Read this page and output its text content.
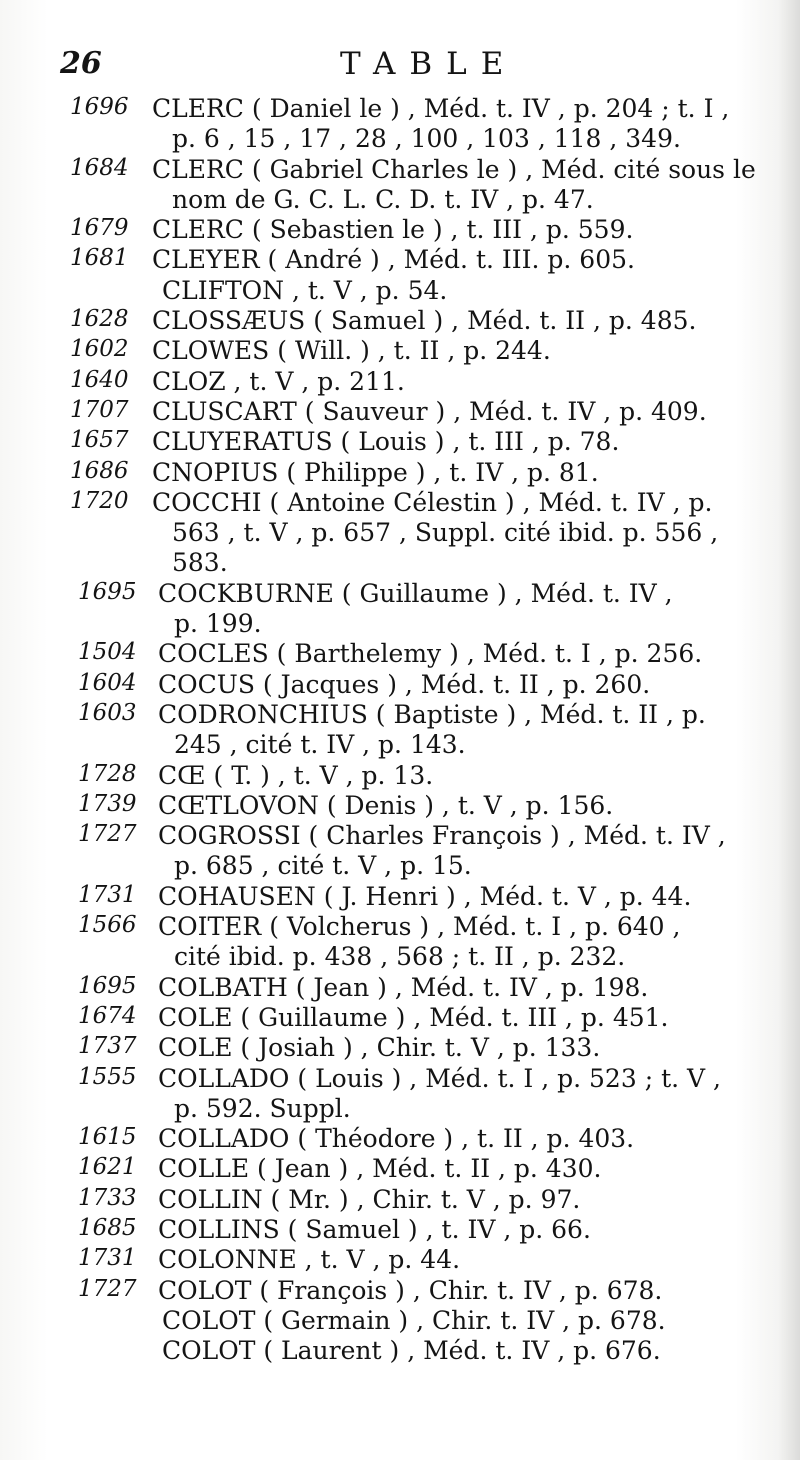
26	TABLE
1696 CLERC ( Daniel le ) , Méd. t. IV , p. 204 ; t. I ,
p. 6 , 15 , 17 , 28 , 100 , 103 , 118 , 349.
1684 CLERC ( Gabriel Charles le ) , Méd. cité sous le
nom de G. C. L. C. D. t. IV , p. 47.
1679 CLERC ( Sebastien le ) , t. III , p. 559.
1681 CLEYER ( André ) , Méd. t. III. p. 605.
CLIFTON , t. V , p. 54.
1628 CLOSSÆUS ( Samuel ) , Méd. t. II , p. 485.
1602 CLOWES ( Will. ) , t. II , p. 244.
1640 CLOZ , t. V , p. 211.
1707 CLUSCART ( Sauveur ) , Méd. t. IV , p. 409.
1657 CLUYERATUS ( Louis ) , t. III , p. 78.
1686 CNOPIUS ( Philippe ) , t. IV , p. 81.
1720 COCCHI ( Antoine Célestin ) , Méd. t. IV , p.
563 , t. V , p. 657 , Suppl. cité ibid. p. 556 ,
583.
1695 COCKBURNE ( Guillaume ) , Méd. t. IV ,
p. 199.
1504 COCLES ( Barthelemy ) , Méd. t. I , p. 256.
1604 COCUS ( Jacques ) , Méd. t. II , p. 260.
1603 CODRONCHIUS ( Baptiste ) , Méd. t. II , p.
245 , cité t. IV , p. 143.
1728 CŒ ( T. ) , t. V , p. 13.
1739 CŒTLOVON ( Denis ) , t. V , p. 156.
1727 COGROSSI ( Charles François ) , Méd. t. IV ,
p. 685 , cité t. V , p. 15.
1731 COHAUSEN ( J. Henri ) , Méd. t. V , p. 44.
1566 COITER ( Volcherus ) , Méd. t. I , p. 640 ,
cité ibid. p. 438 , 568 ; t. II , p. 232.
1695 COLBATH ( Jean ) , Méd. t. IV , p. 198.
1674 COLE ( Guillaume ) , Méd. t. III , p. 451.
1737 COLE ( Josiah ) , Chir. t. V , p. 133.
1555 COLLADO ( Louis ) , Méd. t. I , p. 523 ; t. V ,
p. 592. Suppl.
1615 COLLADO ( Théodore ) , t. II , p. 403.
1621 COLLE ( Jean ) , Méd. t. II , p. 430.
1733 COLLIN ( Mr. ) , Chir. t. V , p. 97.
1685 COLLINS ( Samuel ) , t. IV , p. 66.
1731 COLONNE , t. V , p. 44.
1727 COLOT ( François ) , Chir. t. IV , p. 678.
COLOT ( Germain ) , Chir. t. IV , p. 678.
COLOT ( Laurent ) , Méd. t. IV , p. 676.
